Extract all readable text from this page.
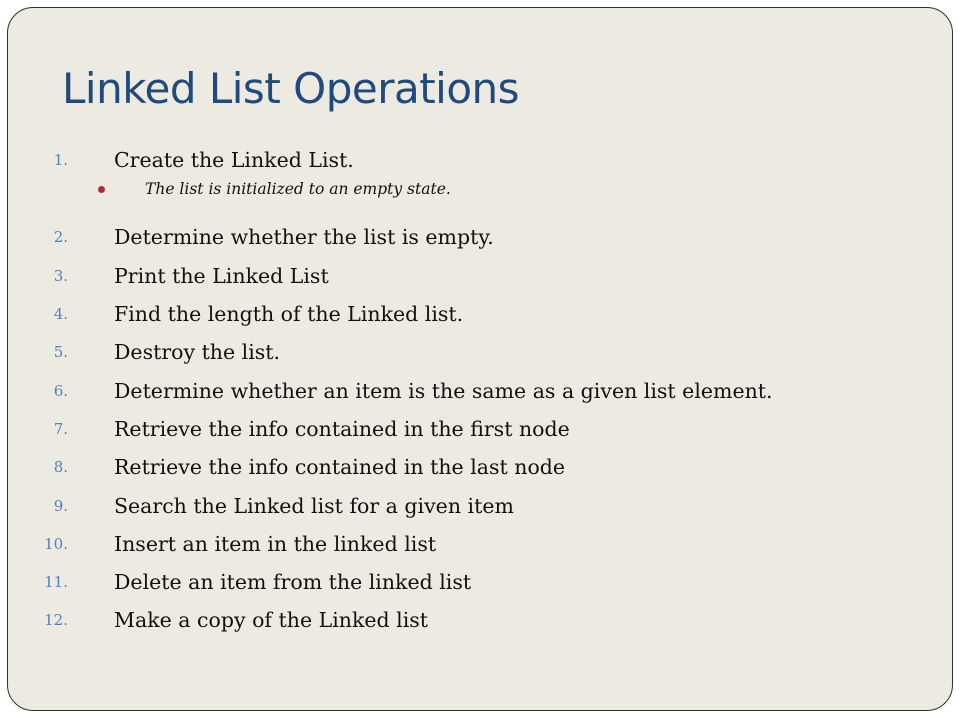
Linked List Operations
1. Create the Linked List.
2. Determine whether the list is empty.
3. Print the Linked List
4. Find the length of the Linked list.
5. Destroy the list.
6. Determine whether an item is the same as a given list element.
7. Retrieve the info contained in the first node
8. Retrieve the info contained in the last node
9. Search the Linked list for a given item
10. Insert an item in the linked list
11. Delete an item from the linked list
12. Make a copy of the Linked list
The list is initialized to an empty state.
